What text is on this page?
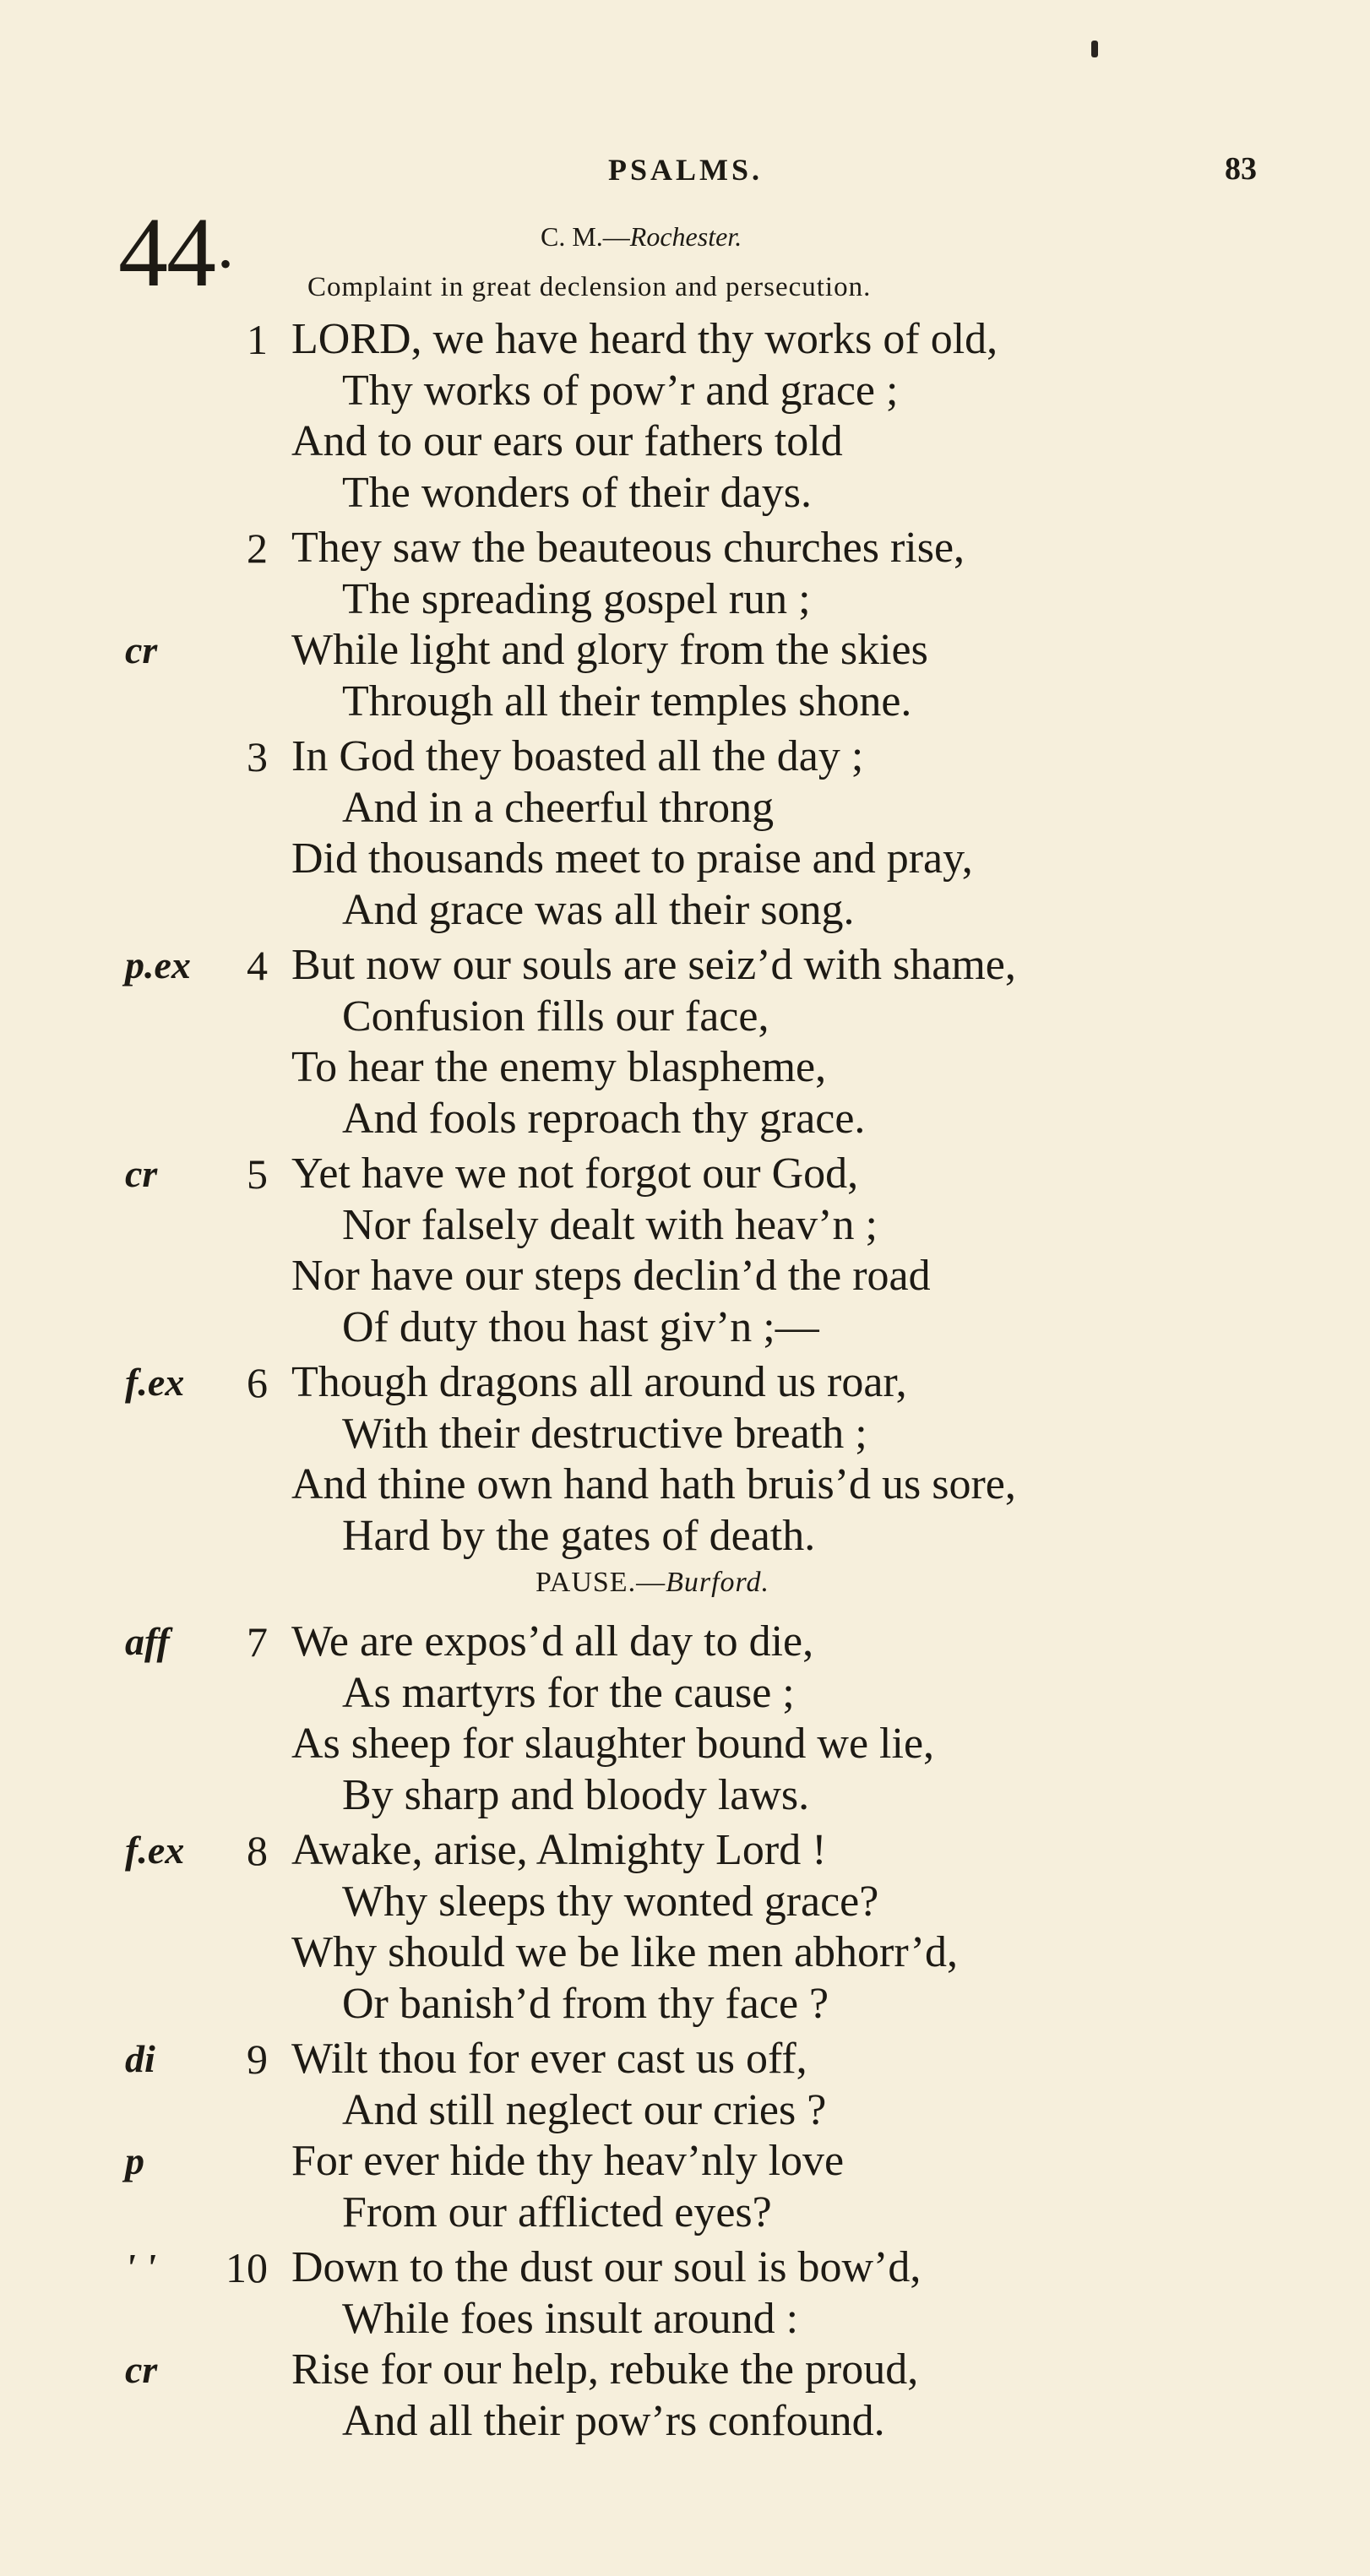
PSALMS.	83
44 •
C. M.—Rochester.
Complaint in great declension and persecution.
1 LORD, we have heard thy works of old,
Thy works of pow’r and grace ;
And to our ears our fathers told
The wonders of their days.
2 They saw the beauteous churches rise,
The spreading gospel run ;
cr	While light and glory from the skies
Through all their temples shone.
3 In God they boasted all the day ;
And in a cheerful throng
Did thousands meet to praise and pray,
And grace was all their song.
p.ex 4 But now our souls are seiz’d with shame,
Confusion fills our face,
To hear the enemy blaspheme,
And fools reproach thy grace.
cr 5 Yet have we not forgot our God,
Nor falsely dealt with heav’n ;
Nor have our steps declin’d the road
Of duty thou hast giv’n ;—
f.ex 6 Though dragons all around us roar,
With their destructive breath ;
And thine own hand hath bruis’d us sore,
Hard by the gates of death.
aff 7 We are expos’d all day to die,
As martyrs for the cause ;
As sheep for slaughter bound we lie,
By sharp and bloody laws.
f.ex 8 Awake, arise, Almighty Lord !
Why sleeps thy wonted grace?
Why should we be like men abhorr’d,
Or banish’d from thy face ?
di 9 Wilt thou for ever cast us off,
And still neglect our cries ?
p	For ever hide thy heav’nly love
From our afflicted eyes?
' ' 10 Down to the dust our soul is bow’d,
While foes insult around :
cr	Rise for our help, rebuke the proud,
And all their pow’rs confound.
PAUSE.—Burford.
